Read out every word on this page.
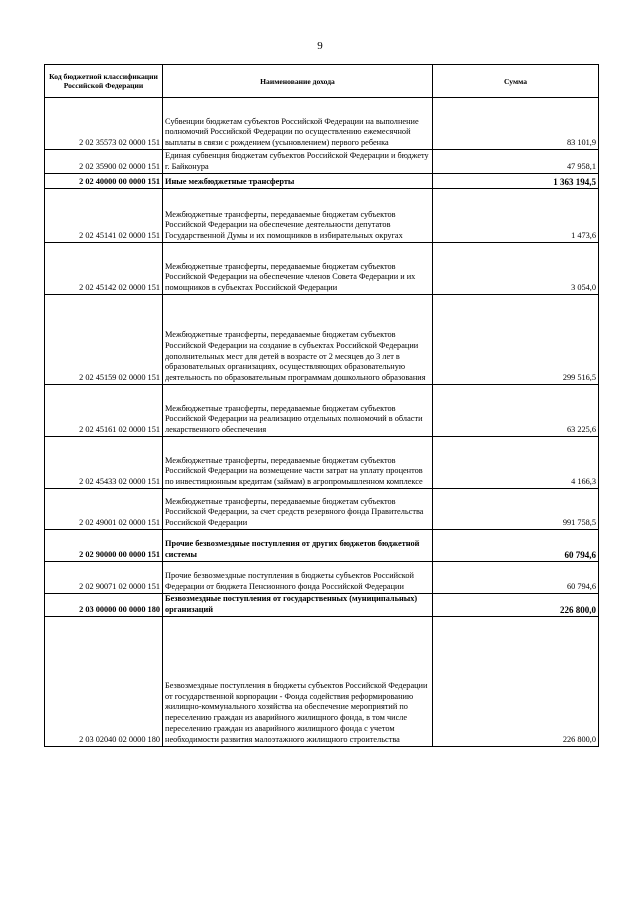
9
Код бюджетной классификации Российской Федерации	Наименование дохода	Сумма
2 02 35573 02 0000 151	Субвенции бюджетам субъектов Российской Федерации на выполнение полномочий Российской Федерации по осуществлению ежемесячной выплаты в связи с рождением (усыновлением) первого ребенка	83 101,9
2 02 35900 02 0000 151	Единая субвенция бюджетам субъектов Российской Федерации и бюджету г. Байконура	47 958,1
2 02 40000 00 0000 151	Иные межбюджетные трансферты	1 363 194,5
2 02 45141 02 0000 151	Межбюджетные трансферты, передаваемые бюджетам субъектов Российской Федерации на обеспечение деятельности депутатов Государственной Думы и их помощников в избирательных округах	1 473,6
2 02 45142 02 0000 151	Межбюджетные трансферты, передаваемые бюджетам субъектов Российской Федерации на обеспечение членов Совета Федерации и их помощников в субъектах Российской Федерации	3 054,0
2 02 45159 02 0000 151	Межбюджетные трансферты, передаваемые бюджетам субъектов Российской Федерации на создание в субъектах Российской Федерации дополнительных мест для детей в возрасте от 2 месяцев до 3 лет в образовательных организациях, осуществляющих образовательную деятельность по образовательным программам дошкольного образования	299 516,5
2 02 45161 02 0000 151	Межбюджетные трансферты, передаваемые бюджетам субъектов Российской Федерации на реализацию отдельных полномочий в области лекарственного обеспечения	63 225,6
2 02 45433 02 0000 151	Межбюджетные трансферты, передаваемые бюджетам субъектов Российской Федерации на возмещение части затрат на уплату процентов по инвестиционным кредитам (займам) в агропромышленном комплексе	4 166,3
2 02 49001 02 0000 151	Межбюджетные трансферты, передаваемые бюджетам субъектов Российской Федерации, за счет средств резервного фонда Правительства Российской Федерации	991 758,5
2 02 90000 00 0000 151	Прочие безвозмездные поступления от других бюджетов бюджетной системы	60 794,6
2 02 90071 02 0000 151	Прочие безвозмездные поступления в бюджеты субъектов Российской Федерации от бюджета Пенсионного фонда Российской Федерации	60 794,6
2 03 00000 00 0000 180	Безвозмездные поступления от государственных (муниципальных) организаций	226 800,0
2 03 02040 02 0000 180	Безвозмездные поступления в бюджеты субъектов Российской Федерации от государственной корпорации - Фонда содействия реформированию жилищно-коммунального хозяйства на обеспечение мероприятий по переселению граждан из аварийного жилищного фонда, в том числе переселению граждан из аварийного жилищного фонда с учетом необходимости развития малоэтажного жилищного строительства	226 800,0
